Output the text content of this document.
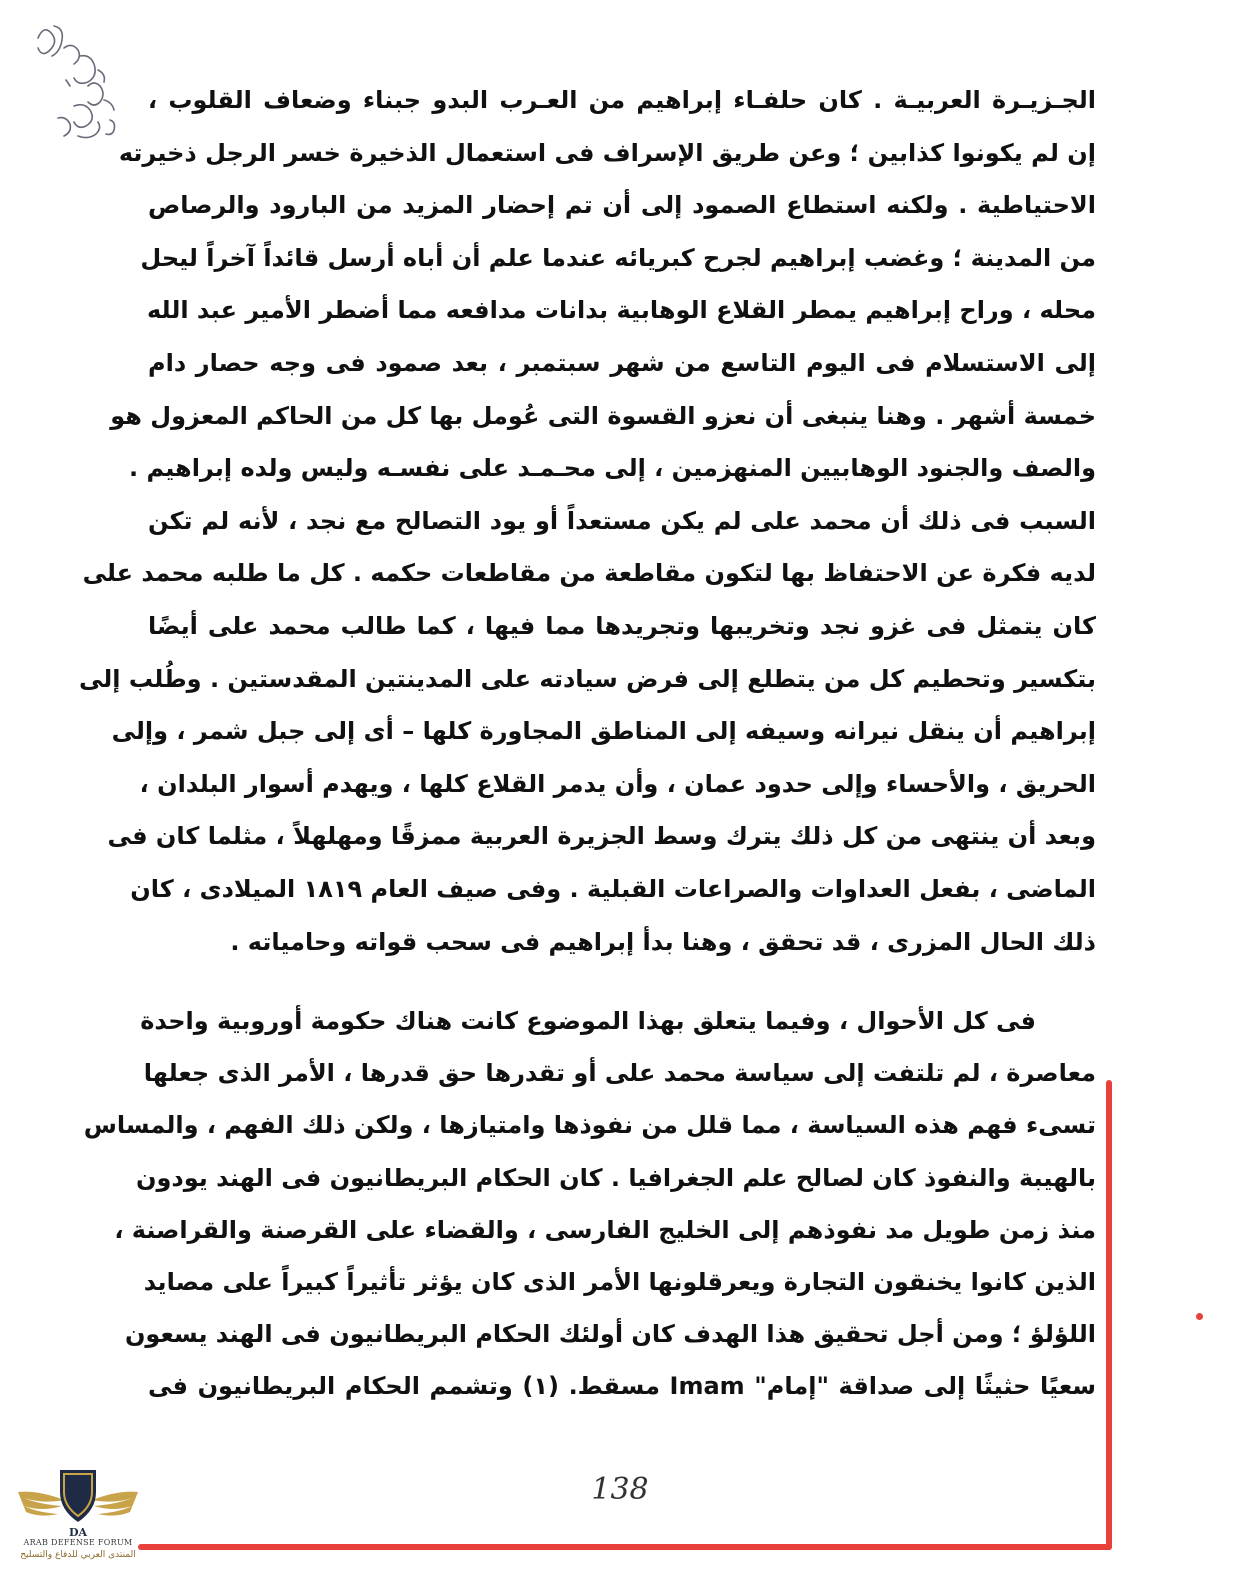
الجـزيـرة العربيـة . كان حلفـاء إبراهيم من العـرب البدو جبناء وضعاف القلوب ،
إن لم يكونوا كذابين ؛ وعن طريق الإسراف فى استعمال الذخيرة خسر الرجل ذخيرته
الاحتياطية . ولكنه استطاع الصمود إلى أن تم إحضار المزيد من البارود والرصاص
من المدينة ؛ وغضب إبراهيم لجرح كبريائه عندما علم أن أباه أرسل قائداً آخراً ليحل
محله ، وراح إبراهيم يمطر القلاع الوهابية بدانات مدافعه مما أضطر الأمير عبد الله
إلى الاستسلام فى اليوم التاسع من شهر سبتمبر ، بعد صمود فى وجه حصار دام
خمسة أشهر . وهنا ينبغى أن نعزو القسوة التى عُومل بها كل من الحاكم المعزول هو
والصف والجنود الوهابيين المنهزمين ، إلى محـمـد على نفسـه وليس ولده إبراهيم .
السبب فى ذلك أن محمد على لم يكن مستعداً أو يود التصالح مع نجد ، لأنه لم تكن
لديه فكرة عن الاحتفاظ بها لتكون مقاطعة من مقاطعات حكمه . كل ما طلبه محمد على
كان يتمثل فى غزو نجد وتخريبها وتجريدها مما فيها ، كما طالب محمد على أيضًا
بتكسير وتحطيم كل من يتطلع إلى فرض سيادته على المدينتين المقدستين . وطُلب إلى
إبراهيم أن ينقل نيرانه وسيفه إلى المناطق المجاورة كلها – أى إلى جبل شمر ، وإلى
الحريق ، والأحساء وإلى حدود عمان ، وأن يدمر القلاع كلها ، ويهدم أسوار البلدان ،
وبعد أن ينتهى من كل ذلك يترك وسط الجزيرة العربية ممزقًا ومهلهلاً ، مثلما كان فى
الماضى ، بفعل العداوات والصراعات القبلية . وفى صيف العام ١٨١٩ الميلادى ، كان
ذلك الحال المزرى ، قد تحقق ، وهنا بدأ إبراهيم فى سحب قواته وحامياته .
فى كل الأحوال ، وفيما يتعلق بهذا الموضوع كانت هناك حكومة أوروبية واحدة
معاصرة ، لم تلتفت إلى سياسة محمد على أو تقدرها حق قدرها ، الأمر الذى جعلها
تسىء فهم هذه السياسة ، مما قلل من نفوذها وامتيازها ، ولكن ذلك الفهم ، والمساس
بالهيبة والنفوذ كان لصالح علم الجغرافيا . كان الحكام البريطانيون فى الهند يودون
منذ زمن طويل مد نفوذهم إلى الخليج الفارسى ، والقضاء على القرصنة والقراصنة ،
الذين كانوا يخنقون التجارة ويعرقلونها الأمر الذى كان يؤثر تأثيراً كبيراً على مصايد
اللؤلؤ ؛ ومن أجل تحقيق هذا الهدف كان أولئك الحكام البريطانيون فى الهند يسعون
سعيًا حثيثًا إلى صداقة "إمام" Imam مسقط. (١) وتشمم الحكام البريطانيون فى
138
DA
ARAB DEFENSE FORUM
المنتدى العربي للدفاع والتسليح
